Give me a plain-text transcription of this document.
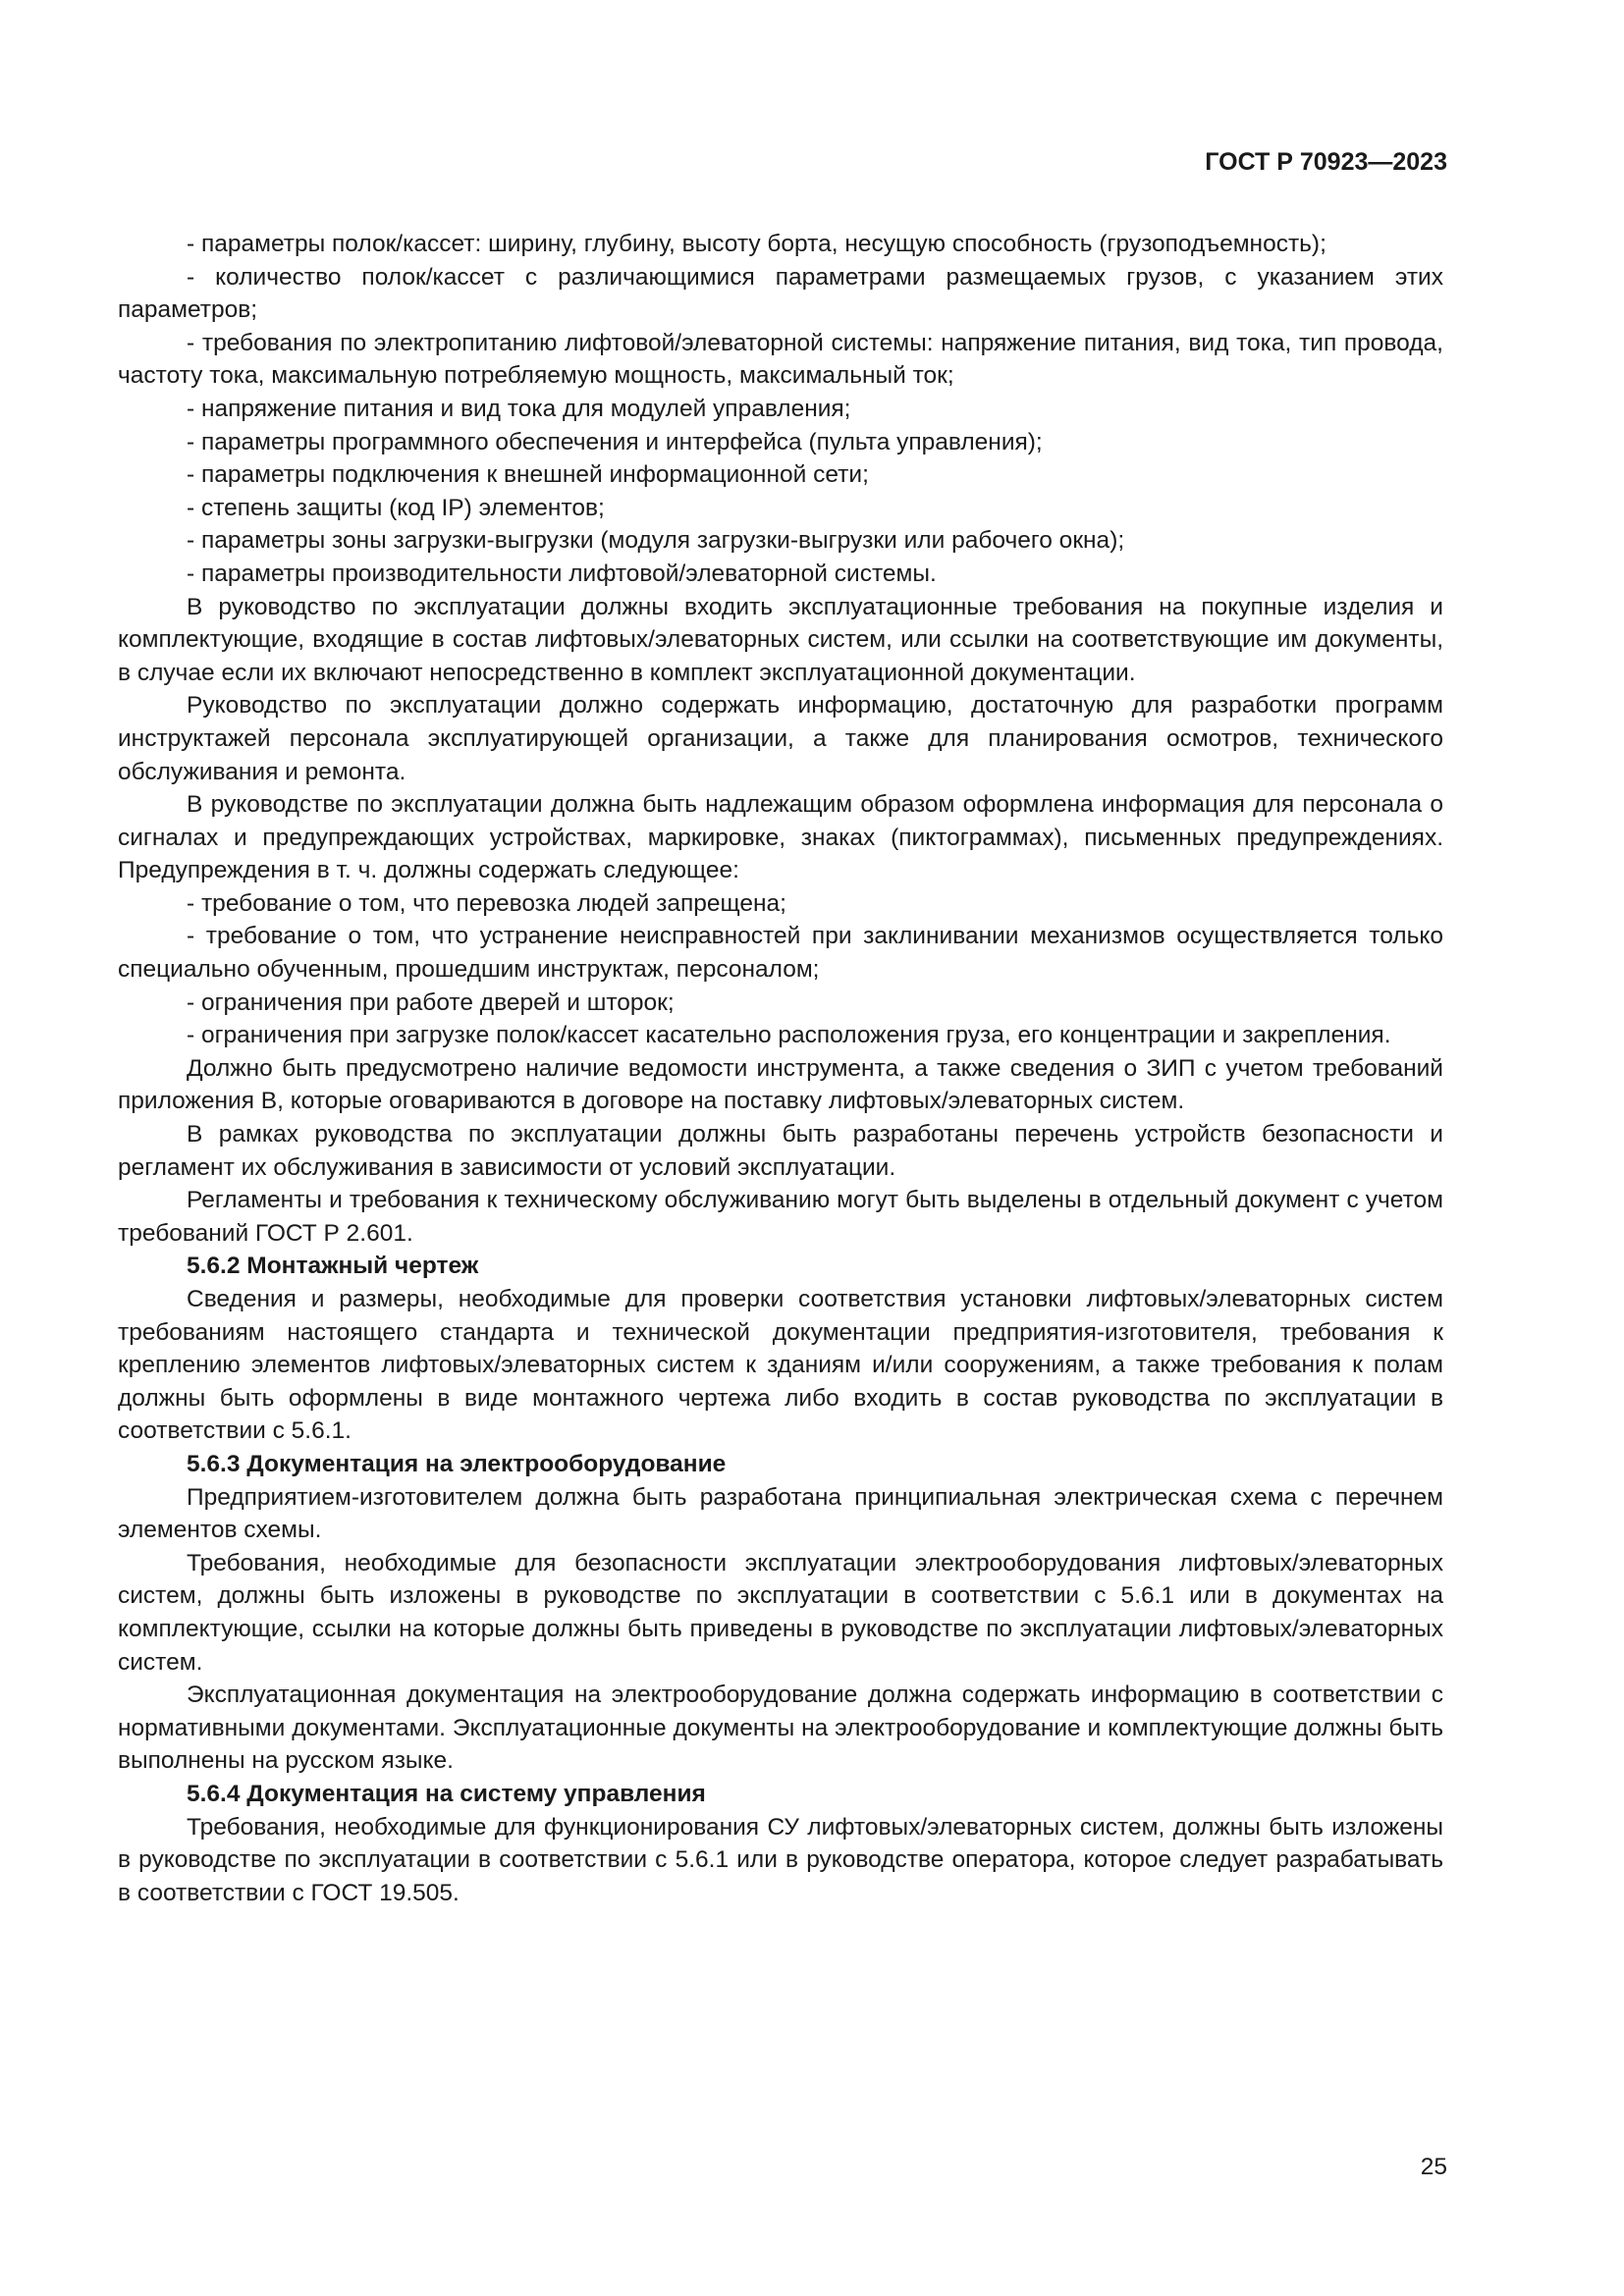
ГОСТ Р 70923—2023

- параметры полок/кассет: ширину, глубину, высоту борта, несущую способность (грузоподъемность);

- количество полок/кассет с различающимися параметрами размещаемых грузов, с указанием этих параметров;

- требования по электропитанию лифтовой/элеваторной системы: напряжение питания, вид тока, тип провода, частоту тока, максимальную потребляемую мощность, максимальный ток;

- напряжение питания и вид тока для модулей управления;

- параметры программного обеспечения и интерфейса (пульта управления);

- параметры подключения к внешней информационной сети;

- степень защиты (код IP) элементов;

- параметры зоны загрузки-выгрузки (модуля загрузки-выгрузки или рабочего окна);

- параметры производительности лифтовой/элеваторной системы.

В руководство по эксплуатации должны входить эксплуатационные требования на покупные изделия и комплектующие, входящие в состав лифтовых/элеваторных систем, или ссылки на соответствующие им документы, в случае если их включают непосредственно в комплект эксплуатационной документации.

Руководство по эксплуатации должно содержать информацию, достаточную для разработки программ инструктажей персонала эксплуатирующей организации, а также для планирования осмотров, технического обслуживания и ремонта.

В руководстве по эксплуатации должна быть надлежащим образом оформлена информация для персонала о сигналах и предупреждающих устройствах, маркировке, знаках (пиктограммах), письменных предупреждениях. Предупреждения в т. ч. должны содержать следующее:

- требование о том, что перевозка людей запрещена;

- требование о том, что устранение неисправностей при заклинивании механизмов осуществляется только специально обученным, прошедшим инструктаж, персоналом;

- ограничения при работе дверей и шторок;

- ограничения при загрузке полок/кассет касательно расположения груза, его концентрации и закрепления.

Должно быть предусмотрено наличие ведомости инструмента, а также сведения о ЗИП с учетом требований приложения В, которые оговариваются в договоре на поставку лифтовых/элеваторных систем.

В рамках руководства по эксплуатации должны быть разработаны перечень устройств безопасности и регламент их обслуживания в зависимости от условий эксплуатации.

Регламенты и требования к техническому обслуживанию могут быть выделены в отдельный документ с учетом требований ГОСТ Р 2.601.

5.6.2 Монтажный чертеж

Сведения и размеры, необходимые для проверки соответствия установки лифтовых/элеваторных систем требованиям настоящего стандарта и технической документации предприятия-изготовителя, требования к креплению элементов лифтовых/элеваторных систем к зданиям и/или сооружениям, а также требования к полам должны быть оформлены в виде монтажного чертежа либо входить в состав руководства по эксплуатации в соответствии с 5.6.1.

5.6.3 Документация на электрооборудование

Предприятием-изготовителем должна быть разработана принципиальная электрическая схема с перечнем элементов схемы.

Требования, необходимые для безопасности эксплуатации электрооборудования лифтовых/элеваторных систем, должны быть изложены в руководстве по эксплуатации в соответствии с 5.6.1 или в документах на комплектующие, ссылки на которые должны быть приведены в руководстве по эксплуатации лифтовых/элеваторных систем.

Эксплуатационная документация на электрооборудование должна содержать информацию в соответствии с нормативными документами. Эксплуатационные документы на электрооборудование и комплектующие должны быть выполнены на русском языке.

5.6.4 Документация на систему управления

Требования, необходимые для функционирования СУ лифтовых/элеваторных систем, должны быть изложены в руководстве по эксплуатации в соответствии с 5.6.1 или в руководстве оператора, которое следует разрабатывать в соответствии с ГОСТ 19.505.

25
